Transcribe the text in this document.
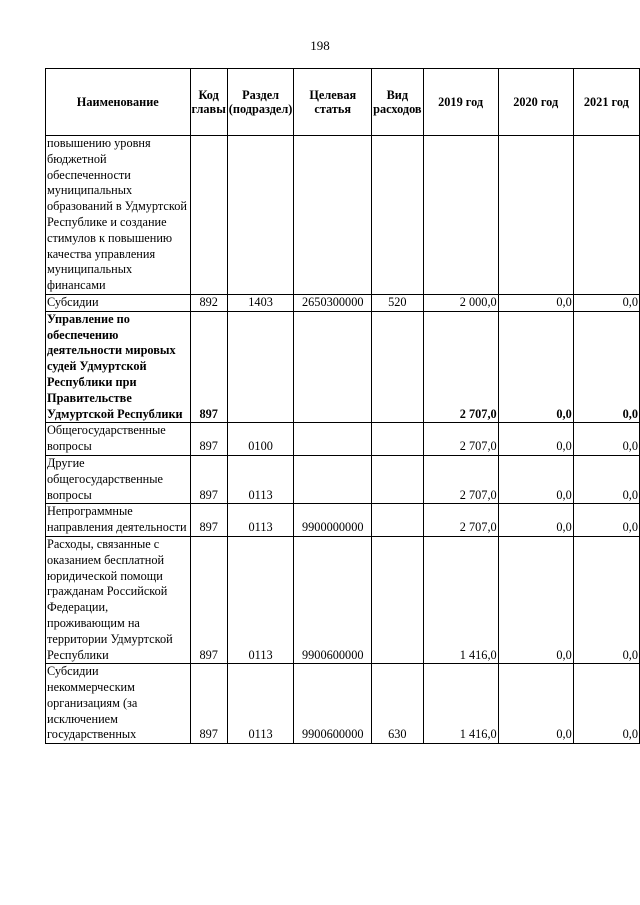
198
Наименование	Код главы	Раздел (подраздел)	Целевая статья	Вид расходов	2019 год	2020 год	2021 год
повышению уровня бюджетной обеспеченности муниципальных образований в Удмуртской Республике и создание стимулов к повышению качества управления муниципальных финансами							
Субсидии	892	1403	2650300000	520	2 000,0	0,0	0,0
Управление по обеспечению деятельности мировых судей Удмуртской Республики при Правительстве Удмуртской Республики	897				2 707,0	0,0	0,0
Общегосударственные вопросы	897	0100			2 707,0	0,0	0,0
Другие общегосударственные вопросы	897	0113			2 707,0	0,0	0,0
Непрограммные направления деятельности	897	0113	9900000000		2 707,0	0,0	0,0
Расходы, связанные с оказанием бесплатной юридической помощи гражданам Российской Федерации, проживающим на территории Удмуртской Республики	897	0113	9900600000		1 416,0	0,0	0,0
Субсидии некоммерческим организациям (за исключением государственных	897	0113	9900600000	630	1 416,0	0,0	0,0
